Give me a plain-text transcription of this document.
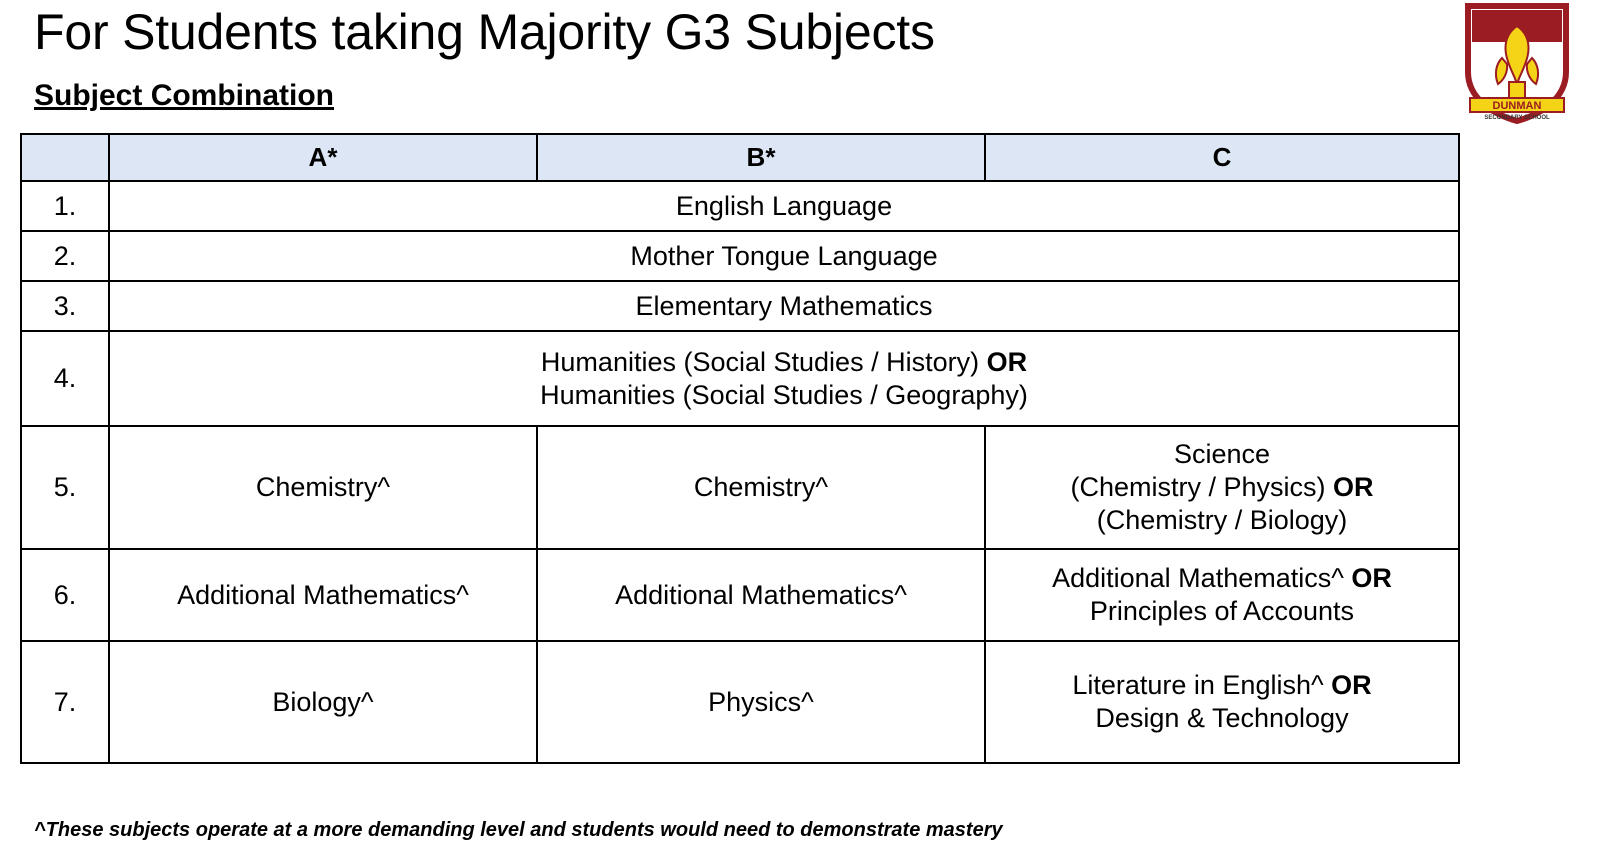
For Students taking Majority G3 Subjects
Subject Combination	DUNMAN
SECONDARY SCHOOL
	A*	B*	C
1.	English Language		
2.	Mother Tongue Language		
3.	Elementary Mathematics		
4.	Humanities (Social Studies / History) OR
Humanities (Social Studies / Geography)		
5.	Chemistry^	Chemistry^	Science
(Chemistry / Physics) OR
(Chemistry / Biology)
6.	Additional Mathematics^	Additional Mathematics^	Additional Mathematics^ OR
Principles of Accounts
7.	Biology^	Physics^	Literature in English^ OR
Design & Technology
^These subjects operate at a more demanding level and students would need to demonstrate mastery
